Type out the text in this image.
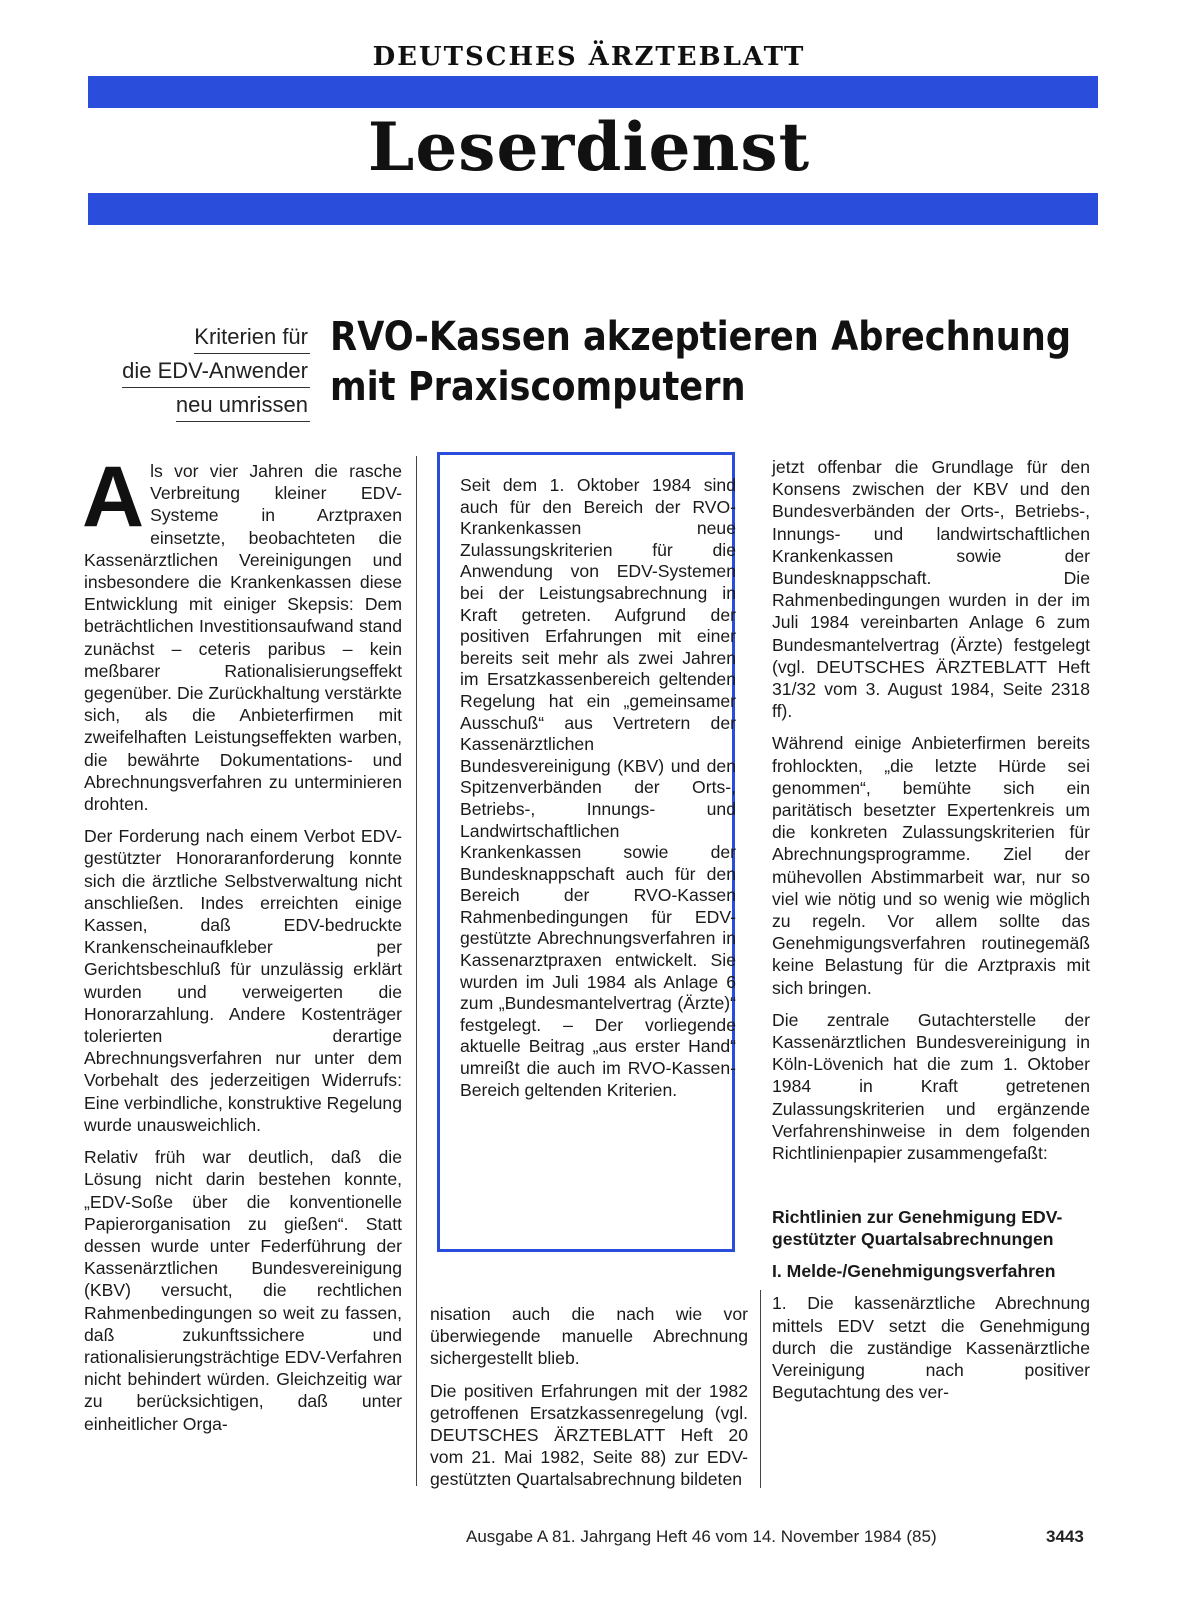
DEUTSCHES ÄRZTEBLATT
Leserdienst
Kriterien für
die EDV-Anwender
neu umrissen
RVO-Kassen akzeptieren Abrechnung
mit Praxiscomputern

Als vor vier Jahren die rasche Verbreitung kleiner EDV-Systeme in Arztpraxen einsetzte, beobachteten die Kassenärztlichen Vereinigungen und insbesondere die Krankenkassen diese Entwicklung mit einiger Skepsis: Dem beträchtlichen Investitionsaufwand stand zunächst – ceteris paribus – kein meßbarer Rationalisierungseffekt gegenüber. Die Zurückhaltung verstärkte sich, als die Anbieterfirmen mit zweifelhaften Leistungseffekten warben, die bewährte Dokumentations- und Abrechnungsverfahren zu unterminieren drohten.

Der Forderung nach einem Verbot EDV-gestützter Honoraranforderung konnte sich die ärztliche Selbstverwaltung nicht anschließen. Indes erreichten einige Kassen, daß EDV-bedruckte Krankenscheinaufkleber per Gerichtsbeschluß für unzulässig erklärt wurden und verweigerten die Honorarzahlung. Andere Kostenträger tolerierten derartige Abrechnungsverfahren nur unter dem Vorbehalt des jederzeitigen Widerrufs: Eine verbindliche, konstruktive Regelung wurde unausweichlich.

Relativ früh war deutlich, daß die Lösung nicht darin bestehen konnte, „EDV-Soße über die konventionelle Papierorganisation zu gießen“. Statt dessen wurde unter Federführung der Kassenärztlichen Bundesvereinigung (KBV) versucht, die rechtlichen Rahmenbedingungen so weit zu fassen, daß zukunftssichere und rationalisierungsträchtige EDV-Verfahren nicht behindert würden. Gleichzeitig war zu berücksichtigen, daß unter einheitlicher Orga-

Seit dem 1. Oktober 1984 sind auch für den Bereich der RVO-Krankenkassen neue Zulassungskriterien für die Anwendung von EDV-Systemen bei der Leistungsabrechnung in Kraft getreten. Aufgrund der positiven Erfahrungen mit einer bereits seit mehr als zwei Jahren im Ersatzkassenbereich geltenden Regelung hat ein „gemeinsamer Ausschuß“ aus Vertretern der Kassenärztlichen Bundesvereinigung (KBV) und den Spitzenverbänden der Orts-, Betriebs-, Innungs- und Landwirtschaftlichen Krankenkassen sowie der Bundesknappschaft auch für den Bereich der RVO-Kassen Rahmenbedingungen für EDV-gestützte Abrechnungsverfahren in Kassenarztpraxen entwickelt. Sie wurden im Juli 1984 als Anlage 6 zum „Bundesmantelvertrag (Ärzte)“ festgelegt. – Der vorliegende aktuelle Beitrag „aus erster Hand“ umreißt die auch im RVO-Kassen-Bereich geltenden Kriterien.

nisation auch die nach wie vor überwiegende manuelle Abrechnung sichergestellt blieb.

Die positiven Erfahrungen mit der 1982 getroffenen Ersatzkassenregelung (vgl. DEUTSCHES ÄRZTEBLATT Heft 20 vom 21. Mai 1982, Seite 88) zur EDV-gestützten Quartalsabrechnung bildeten

jetzt offenbar die Grundlage für den Konsens zwischen der KBV und den Bundesverbänden der Orts-, Betriebs-, Innungs- und landwirtschaftlichen Krankenkassen sowie der Bundesknappschaft. Die Rahmenbedingungen wurden in der im Juli 1984 vereinbarten Anlage 6 zum Bundesmantelvertrag (Ärzte) festgelegt (vgl. DEUTSCHES ÄRZTEBLATT Heft 31/32 vom 3. August 1984, Seite 2318 ff).

Während einige Anbieterfirmen bereits frohlockten, „die letzte Hürde sei genommen“, bemühte sich ein paritätisch besetzter Expertenkreis um die konkreten Zulassungskriterien für Abrechnungsprogramme. Ziel der mühevollen Abstimmarbeit war, nur so viel wie nötig und so wenig wie möglich zu regeln. Vor allem sollte das Genehmigungsverfahren routinegemäß keine Belastung für die Arztpraxis mit sich bringen.

Die zentrale Gutachterstelle der Kassenärztlichen Bundesvereinigung in Köln-Lövenich hat die zum 1. Oktober 1984 in Kraft getretenen Zulassungskriterien und ergänzende Verfahrenshinweise in dem folgenden Richtlinienpapier zusammengefaßt:

Richtlinien zur Genehmigung EDV-gestützter Quartalsabrechnungen
I. Melde-/Genehmigungsverfahren

1. Die kassenärztliche Abrechnung mittels EDV setzt die Genehmigung durch die zuständige Kassenärztliche Vereinigung nach positiver Begutachtung des ver-

Ausgabe A 81. Jahrgang Heft 46 vom 14. November 1984 (85)	3443
